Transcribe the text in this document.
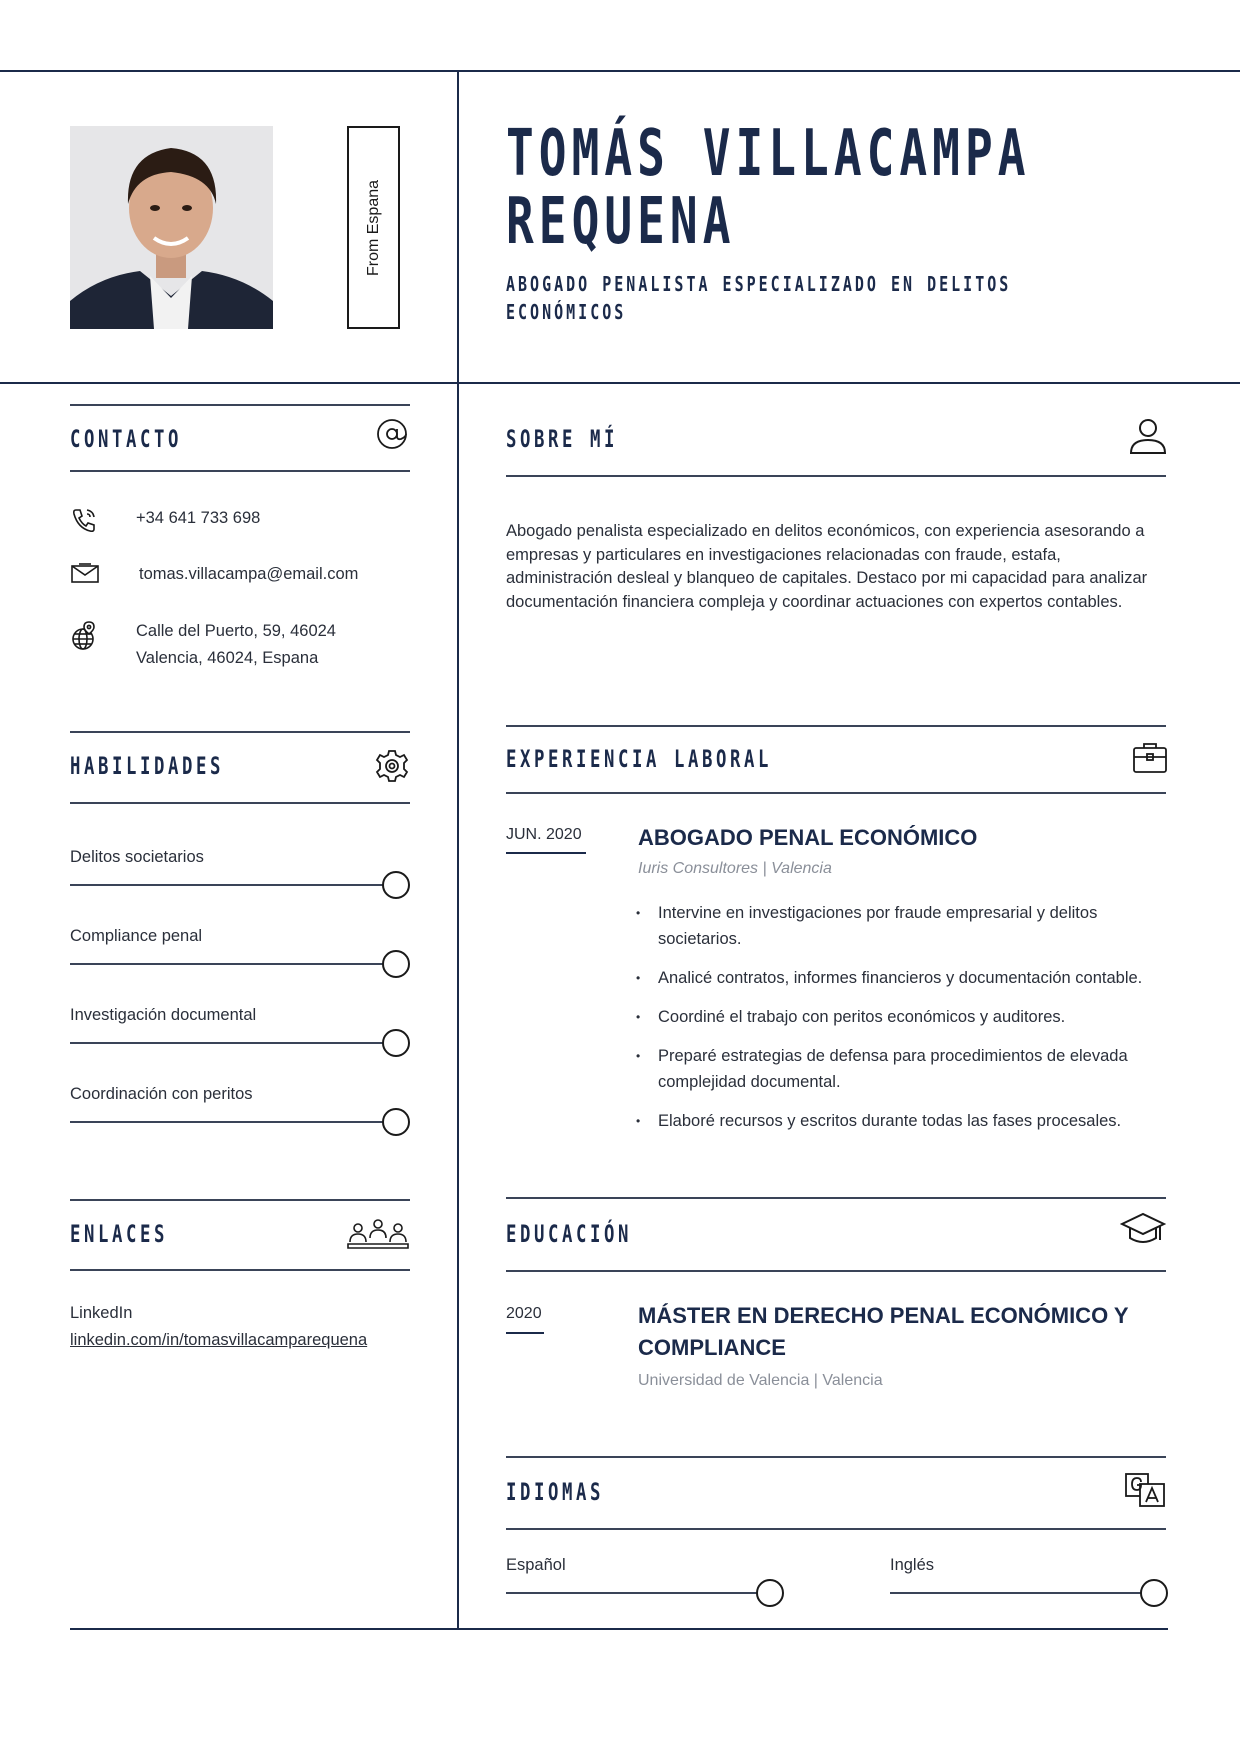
From Espana
TOMÁS VILLACAMPA
REQUENA
ABOGADO PENALISTA ESPECIALIZADO EN DELITOS
ECONÓMICOS
CONTACTO
+34 641 733 698
tomas.villacampa@email.com
Calle del Puerto, 59, 46024
Valencia, 46024, Espana
HABILIDADES
Delitos societarios
Compliance penal
Investigación documental
Coordinación con peritos
ENLACES
LinkedIn
linkedin.com/in/tomasvillacamparequena
SOBRE MÍ
Abogado penalista especializado en delitos económicos, con experiencia asesorando a empresas y particulares en investigaciones relacionadas con fraude, estafa, administración desleal y blanqueo de capitales. Destaco por mi capacidad para analizar documentación financiera compleja y coordinar actuaciones con expertos contables.
EXPERIENCIA LABORAL
JUN. 2020	ABOGADO PENAL ECONÓMICO
Iuris Consultores | Valencia
• Intervine en investigaciones por fraude empresarial y delitos societarios.
• Analicé contratos, informes financieros y documentación contable.
• Coordiné el trabajo con peritos económicos y auditores.
• Preparé estrategias de defensa para procedimientos de elevada complejidad documental.
• Elaboré recursos y escritos durante todas las fases procesales.
EDUCACIÓN
2020	MÁSTER EN DERECHO PENAL ECONÓMICO Y
COMPLIANCE
Universidad de Valencia | Valencia
IDIOMAS
Español	Inglés
